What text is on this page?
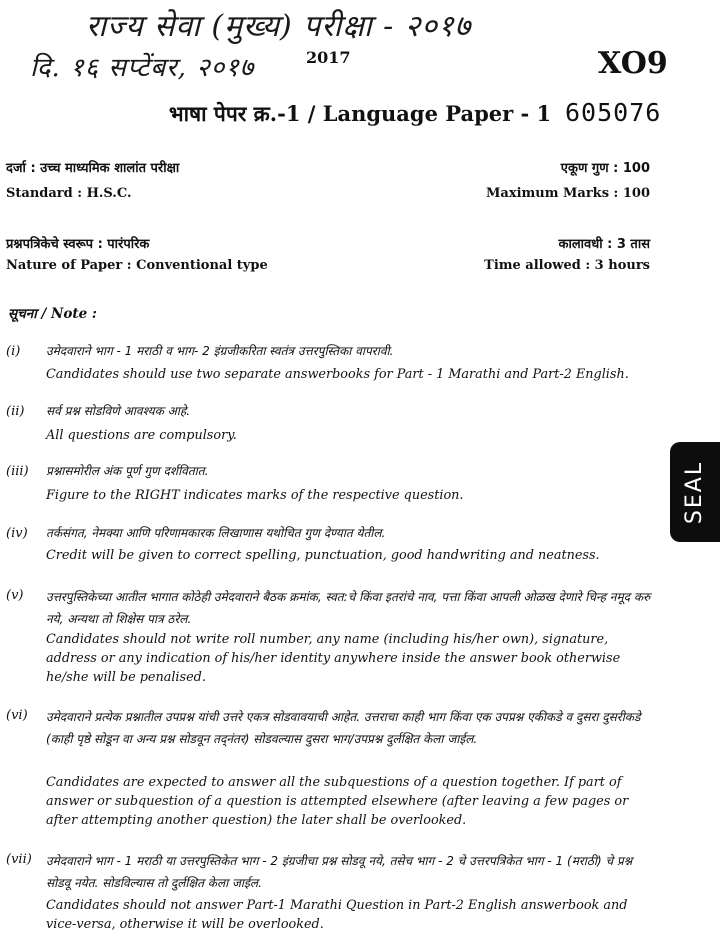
राज्य सेवा (मुख्य) परीक्षा - २०१७
दि. १६ सप्टेंबर, २०१७	2017	XO9
भाषा पेपर क्र.-1 / Language Paper - 1 605076
दर्जा : उच्च माध्यमिक शालांत परीक्षा
Standard : H.S.C.
एकूण गुण : 100
Maximum Marks : 100
प्रश्नपत्रिकेचे स्वरूप : पारंपरिक
Nature of Paper : Conventional type
कालावधी : 3 तास
Time allowed : 3 hours
सूचना / Note :
(i) उमेदवाराने भाग - 1 मराठी व भाग- 2 इंग्रजीकरिता स्वतंत्र उत्तरपुस्तिका वापरावी.
Candidates should use two separate answerbooks for Part - 1 Marathi and Part-2 English.
(ii) सर्व प्रश्न सोडविणे आवश्यक आहे.
All questions are compulsory.
(iii) प्रश्नासमोरील अंक पूर्ण गुण दर्शवितात.
Figure to the RIGHT indicates marks of the respective question.
(iv) तर्कसंगत, नेमक्या आणि परिणामकारक लिखाणास यथोचित गुण देण्यात येतील.
Credit will be given to correct spelling, punctuation, good handwriting and neatness.
(v) उत्तरपुस्तिकेच्या आतील भागात कोठेही उमेदवाराने बैठक क्रमांक, स्वत:चे किंवा इतरांचे नाव, पत्ता किंवा आपली ओळख देणारे चिन्ह नमूद करु नये, अन्यथा तो शिक्षेस पात्र ठरेल.
Candidates should not write roll number, any name (including his/her own), signature, address or any indication of his/her identity anywhere inside the answer book otherwise he/she will be penalised.
(vi) उमेदवाराने प्रत्येक प्रश्नातील उपप्रश्न यांची उत्तरे एकत्र सोडवावयाची आहेत. उत्तराचा काही भाग किंवा एक उपप्रश्न एकीकडे व दुसरा दुसरीकडे (काही पृष्ठे सोडून वा अन्य प्रश्न सोडवून तद्नंतर) सोडवल्यास दुसरा भाग/उपप्रश्न दुर्लक्षित केला जाईल.
Candidates are expected to answer all the subquestions of a question together. If part of answer or subquestion of a question is attempted elsewhere (after leaving a few pages or after attempting another question) the later shall be overlooked.
(vii) उमेदवाराने भाग - 1 मराठी या उत्तरपुस्तिकेत भाग - 2 इंग्रजीचा प्रश्न सोडवू नये, तसेच भाग - 2 चे उत्तरपत्रिकेत भाग - 1 (मराठी) चे प्रश्न सोडवू नयेत. सोडविल्यास तो दुर्लक्षित केला जाईल.
Candidates should not answer Part-1 Marathi Question in Part-2 English answerbook and vice-versa, otherwise it will be overlooked.
SEAL
